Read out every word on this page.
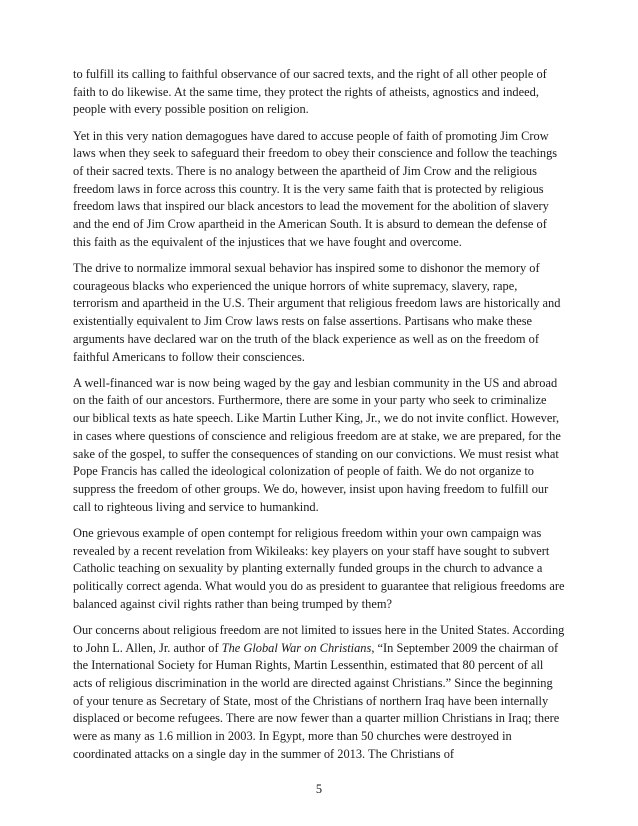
to fulfill its calling to faithful observance of our sacred texts, and the right of all other people of faith to do likewise. At the same time, they protect the rights of atheists, agnostics and indeed, people with every possible position on religion.

Yet in this very nation demagogues have dared to accuse people of faith of promoting Jim Crow laws when they seek to safeguard their freedom to obey their conscience and follow the teachings of their sacred texts. There is no analogy between the apartheid of Jim Crow and the religious freedom laws in force across this country. It is the very same faith that is protected by religious freedom laws that inspired our black ancestors to lead the movement for the abolition of slavery and the end of Jim Crow apartheid in the American South. It is absurd to demean the defense of this faith as the equivalent of the injustices that we have fought and overcome.

The drive to normalize immoral sexual behavior has inspired some to dishonor the memory of courageous blacks who experienced the unique horrors of white supremacy, slavery, rape, terrorism and apartheid in the U.S. Their argument that religious freedom laws are historically and existentially equivalent to Jim Crow laws rests on false assertions. Partisans who make these arguments have declared war on the truth of the black experience as well as on the freedom of faithful Americans to follow their consciences.

A well-financed war is now being waged by the gay and lesbian community in the US and abroad on the faith of our ancestors. Furthermore, there are some in your party who seek to criminalize our biblical texts as hate speech. Like Martin Luther King, Jr., we do not invite conflict. However, in cases where questions of conscience and religious freedom are at stake, we are prepared, for the sake of the gospel, to suffer the consequences of standing on our convictions. We must resist what Pope Francis has called the ideological colonization of people of faith. We do not organize to suppress the freedom of other groups. We do, however, insist upon having freedom to fulfill our call to righteous living and service to humankind.

One grievous example of open contempt for religious freedom within your own campaign was revealed by a recent revelation from Wikileaks: key players on your staff have sought to subvert Catholic teaching on sexuality by planting externally funded groups in the church to advance a politically correct agenda. What would you do as president to guarantee that religious freedoms are balanced against civil rights rather than being trumped by them?

Our concerns about religious freedom are not limited to issues here in the United States. According to John L. Allen, Jr. author of The Global War on Christians, “In September 2009 the chairman of the International Society for Human Rights, Martin Lessenthin, estimated that 80 percent of all acts of religious discrimination in the world are directed against Christians.” Since the beginning of your tenure as Secretary of State, most of the Christians of northern Iraq have been internally displaced or become refugees. There are now fewer than a quarter million Christians in Iraq; there were as many as 1.6 million in 2003. In Egypt, more than 50 churches were destroyed in coordinated attacks on a single day in the summer of 2013. The Christians of

5
